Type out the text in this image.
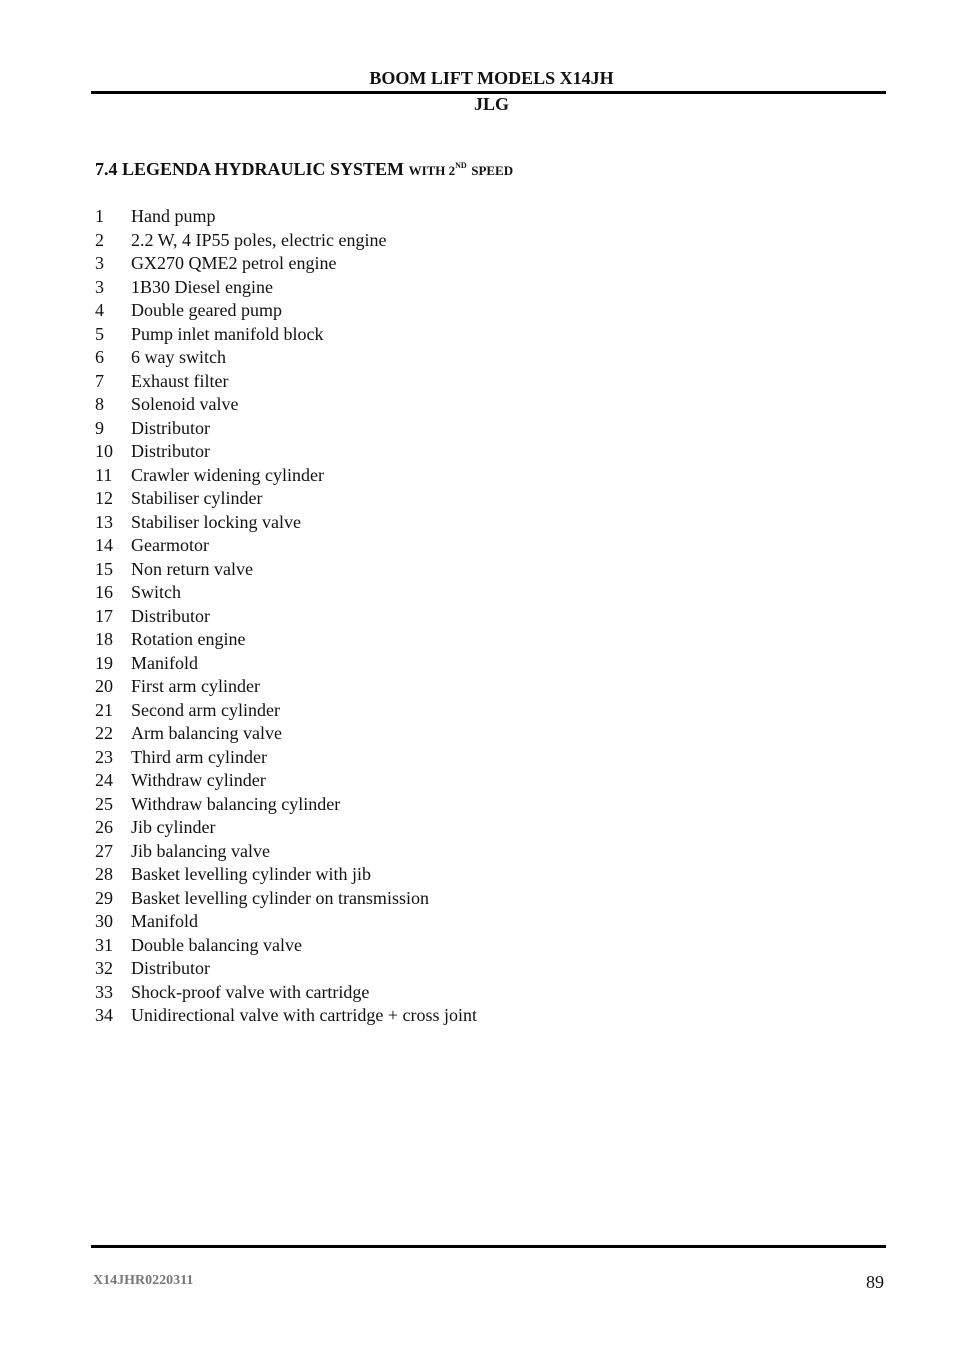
BOOM LIFT MODELS X14JH
JLG
7.4 LEGENDA HYDRAULIC SYSTEM WITH 2ND SPEED
1 Hand pump
2 2.2 W, 4 IP55 poles, electric engine
3 GX270 QME2 petrol engine
3 1B30 Diesel engine
4 Double geared pump
5 Pump inlet manifold block
6 6 way switch
7 Exhaust filter
8 Solenoid valve
9 Distributor
10 Distributor
11 Crawler widening cylinder
12 Stabiliser cylinder
13 Stabiliser locking valve
14 Gearmotor
15 Non return valve
16 Switch
17 Distributor
18 Rotation engine
19 Manifold
20 First arm cylinder
21 Second arm cylinder
22 Arm balancing valve
23 Third arm cylinder
24 Withdraw cylinder
25 Withdraw balancing cylinder
26 Jib cylinder
27 Jib balancing valve
28 Basket levelling cylinder with jib
29 Basket levelling cylinder on transmission
30 Manifold
31 Double balancing valve
32 Distributor
33 Shock-proof valve with cartridge
34 Unidirectional valve with cartridge + cross joint
X14JHR0220311	89
